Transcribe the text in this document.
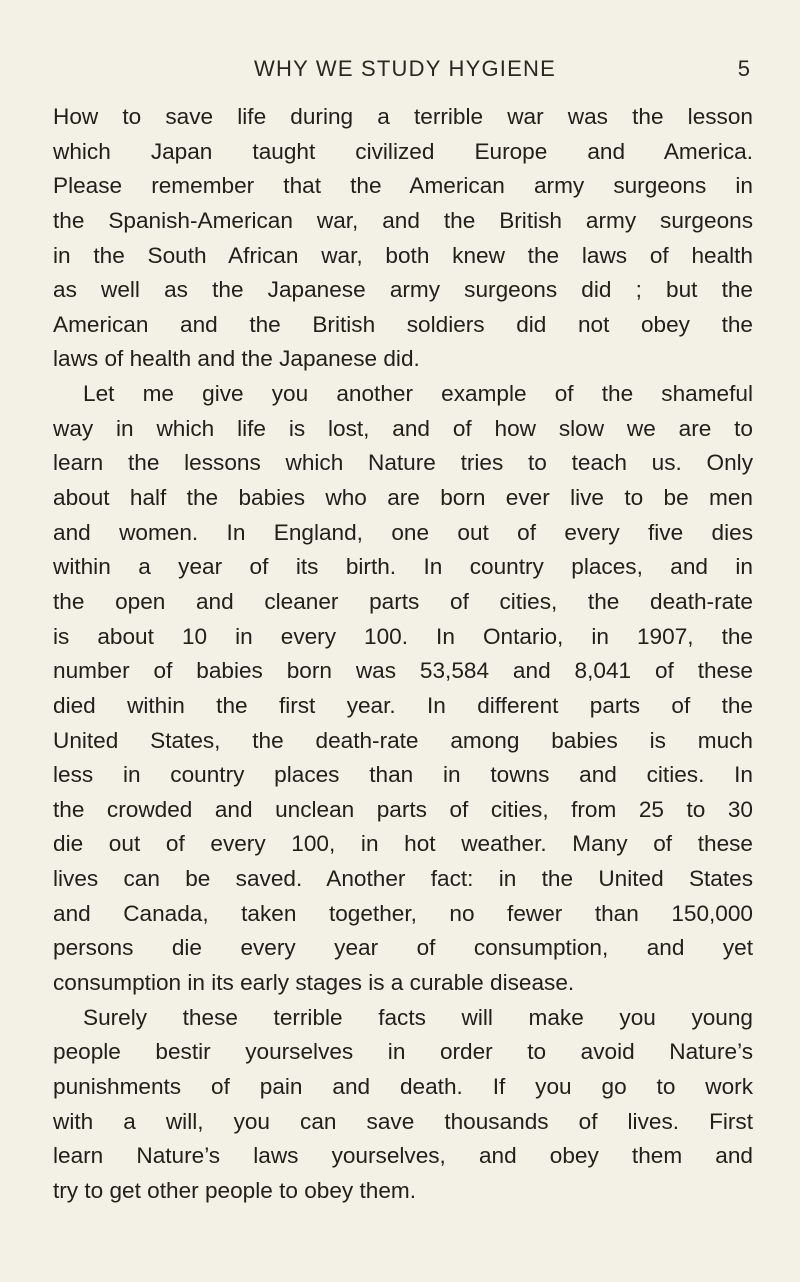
WHY WE STUDY HYGIENE	5
How to save life during a terrible war was the lesson
which Japan taught civilized Europe and America.
Please remember that the American army surgeons in
the Spanish-American war, and the British army surgeons
in the South African war, both knew the laws of health
as well as the Japanese army surgeons did ; but the
American and the British soldiers did not obey the
laws of health and the Japanese did.
Let me give you another example of the shameful
way in which life is lost, and of how slow we are to
learn the lessons which Nature tries to teach us. Only
about half the babies who are born ever live to be men
and women. In England, one out of every five dies
within a year of its birth. In country places, and in
the open and cleaner parts of cities, the death-rate
is about 10 in every 100. In Ontario, in 1907, the
number of babies born was 53,584 and 8,041 of these
died within the first year. In different parts of the
United States, the death-rate among babies is much
less in country places than in towns and cities. In
the crowded and unclean parts of cities, from 25 to 30
die out of every 100, in hot weather. Many of these
lives can be saved. Another fact: in the United States
and Canada, taken together, no fewer than 150,000
persons die every year of consumption, and yet
consumption in its early stages is a curable disease.
Surely these terrible facts will make you young
people bestir yourselves in order to avoid Nature’s
punishments of pain and death. If you go to work
with a will, you can save thousands of lives. First
learn Nature’s laws yourselves, and obey them and
try to get other people to obey them.
